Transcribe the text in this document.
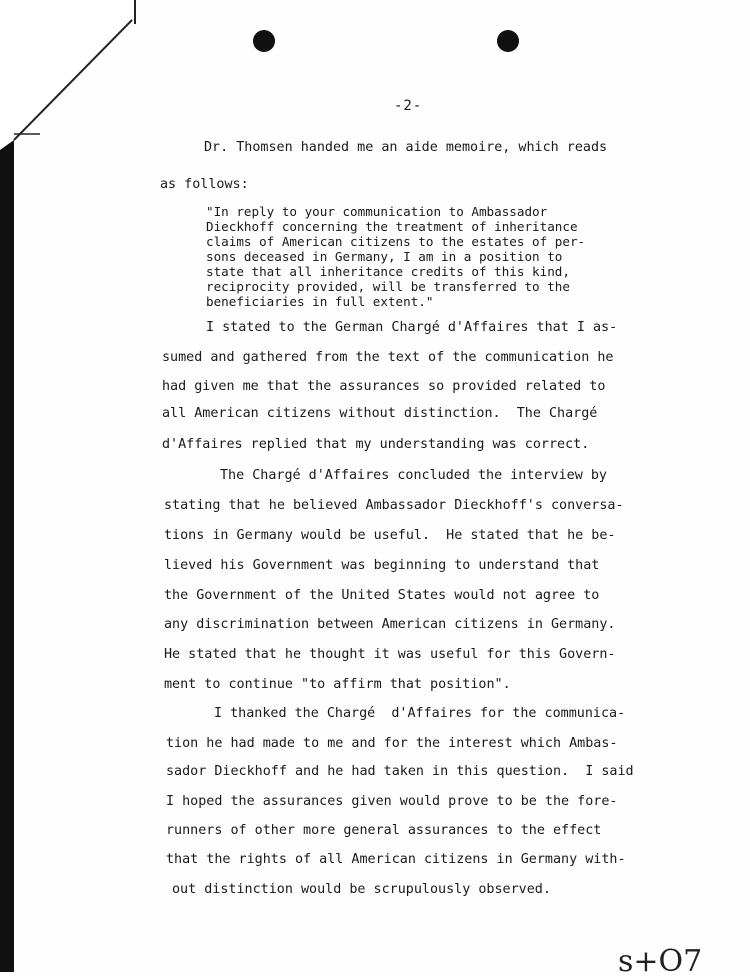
-2-
Dr. Thomsen handed me an aide memoire, which reads
as follows:
"In reply to your communication to Ambassador
Dieckhoff concerning the treatment of inheritance
claims of American citizens to the estates of per-
sons deceased in Germany, I am in a position to
state that all inheritance credits of this kind,
reciprocity provided, will be transferred to the
beneficiaries in full extent."
I stated to the German Chargé d'Affaires that I as-
sumed and gathered from the text of the communication he
had given me that the assurances so provided related to
all American citizens without distinction.  The Chargé
d'Affaires replied that my understanding was correct.
The Chargé d'Affaires concluded the interview by
stating that he believed Ambassador Dieckhoff's conversa-
tions in Germany would be useful.  He stated that he be-
lieved his Government was beginning to understand that
the Government of the United States would not agree to
any discrimination between American citizens in Germany.
He stated that he thought it was useful for this Govern-
ment to continue "to affirm that position".
I thanked the Chargé  d'Affaires for the communica-
tion he had made to me and for the interest which Ambas-
sador Dieckhoff and he had taken in this question.  I said
I hoped the assurances given would prove to be the fore-
runners of other more general assurances to the effect
that the rights of all American citizens in Germany with-
out distinction would be scrupulously observed.
s+O7
